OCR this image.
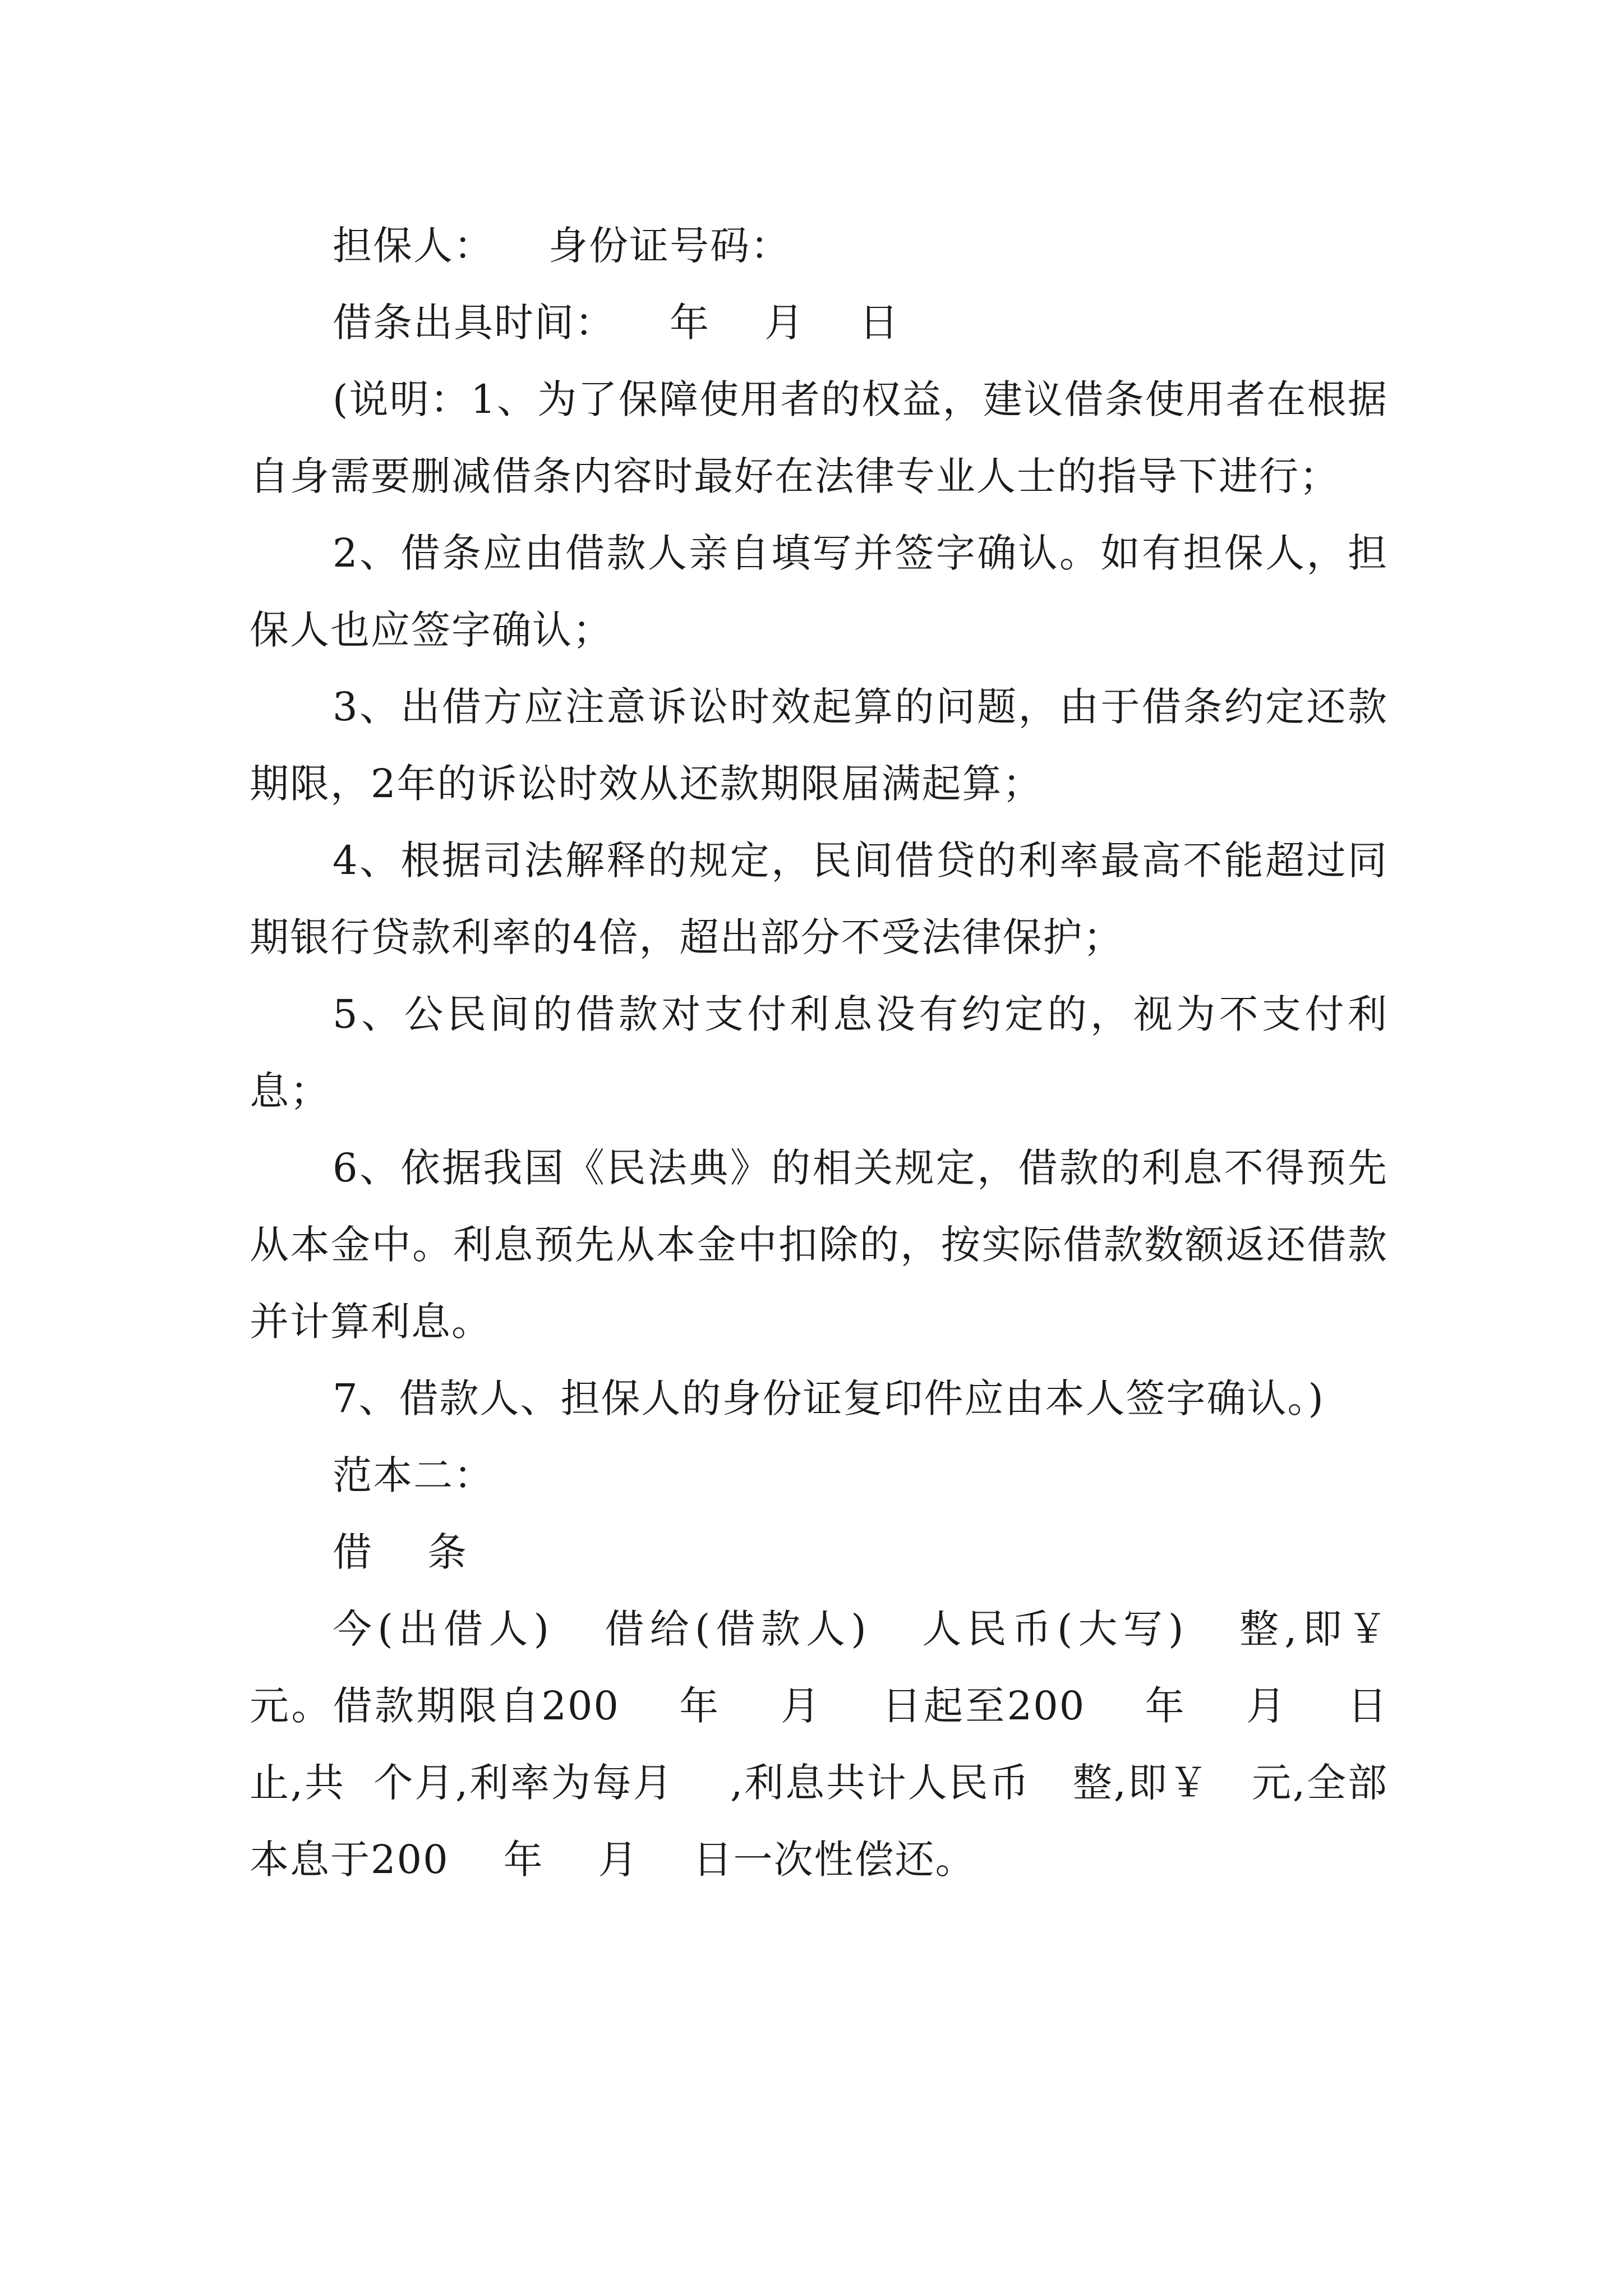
担保人：    身份证号码：

借条出具时间：    年    月    日

(说明：1、为了保障使用者的权益，建议借条使用者在根据自身需要删减借条内容时最好在法律专业人士的指导下进行；

2、借条应由借款人亲自填写并签字确认。如有担保人，担保人也应签字确认；

3、出借方应注意诉讼时效起算的问题，由于借条约定还款期限，2年的诉讼时效从还款期限届满起算；

4、根据司法解释的规定，民间借贷的利率最高不能超过同期银行贷款利率的4倍，超出部分不受法律保护；

5、公民间的借款对支付利息没有约定的，视为不支付利息；

6、依据我国《民法典》的相关规定，借款的利息不得预先从本金中。利息预先从本金中扣除的，按实际借款数额返还借款并计算利息。

7、借款人、担保人的身份证复印件应由本人签字确认。)

范本二：

借    条

今(出借人)   借给(借款人)   人民币(大写)   整,即￥    元。借款期限自200    年    月    日起至200    年    月    日止,共  个月,利率为每月    ,利息共计人民币   整,即￥   元,全部本息于200    年    月    日一次性偿还。
